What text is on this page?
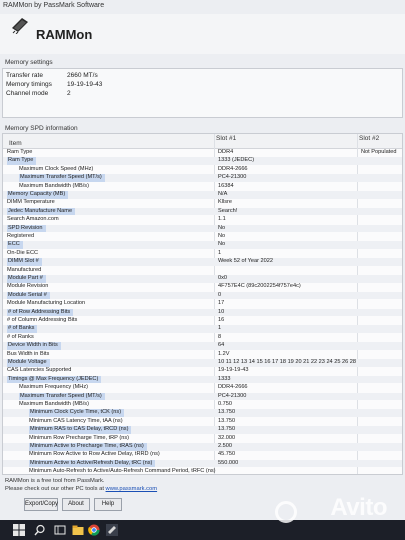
RAMMon by PassMark Software
RAMMon
Memory settings
Transfer rate	2660 MT/s
Memory timings 19-19-19-43
Channel mode	2
Memory SPD information
Item
Slot #1	Slot #2
Ram Type	DDR4	Not Populated
Ram Type	1333 (JEDEC)
Maximum Clock Speed (MHz)	DDR4-2666
Maximum Transfer Speed (MT/s)	PC4-21300
Maximum Bandwidth (MB/s)	16384
Memory Capacity (MB)	N/A
DIMM Temperature	Kllsre
Jedec Manufacture Name	Search!
Search Amazon.com	1.1
SPD Revision	No
Registered	No
ECC	No
On-Die ECC	1
DIMM Slot #	Week 52 of Year 2022
Manufactured
Module Part #	0x0
Module Revision	4F757E4C (89c2002254f757e4c)
Module Serial #	0
Module Manufacturing Location	17
# of Row Addressing Bits	10
# of Column Addressing Bits	16
# of Banks	1
# of Ranks	8
Device Width in Bits	64
Bus Width in Bits	1.2V
Module Voltage	10 11 12 13 14 15 16 17 18 19 20 21 22 23 24 25 26 28
CAS Latencies Supported	19-19-19-43
Timings @ Max Frequency (JEDEC)	1333
Maximum Frequency (MHz)	DDR4-2666
Maximum Transfer Speed (MT/s)	PC4-21300
Maximum Bandwidth (MB/s)	0.750
Minimum Clock Cycle Time, tCK (ns)	13.750
Minimum CAS Latency Time, tAA (ns)	13.750
Minimum RAS to CAS Delay, tRCD (ns)	13.750
Minimum Row Precharge Time, tRP (ns)	32.000
Minimum Active to Precharge Time, tRAS (ns)	2.500
Minimum Row Active to Row Active Delay, tRRD (ns)	45.750
Minimum Active to Active/Refresh Delay, tRC (ns)	550.000
Minimum Auto-Refresh to Active/Auto-Refresh Command Period, tRFC (ns)
RAMMon is a free tool from PassMark.
Please check out our other PC tools at www.passmark.com
Export/Copy	About	Help	Avito
